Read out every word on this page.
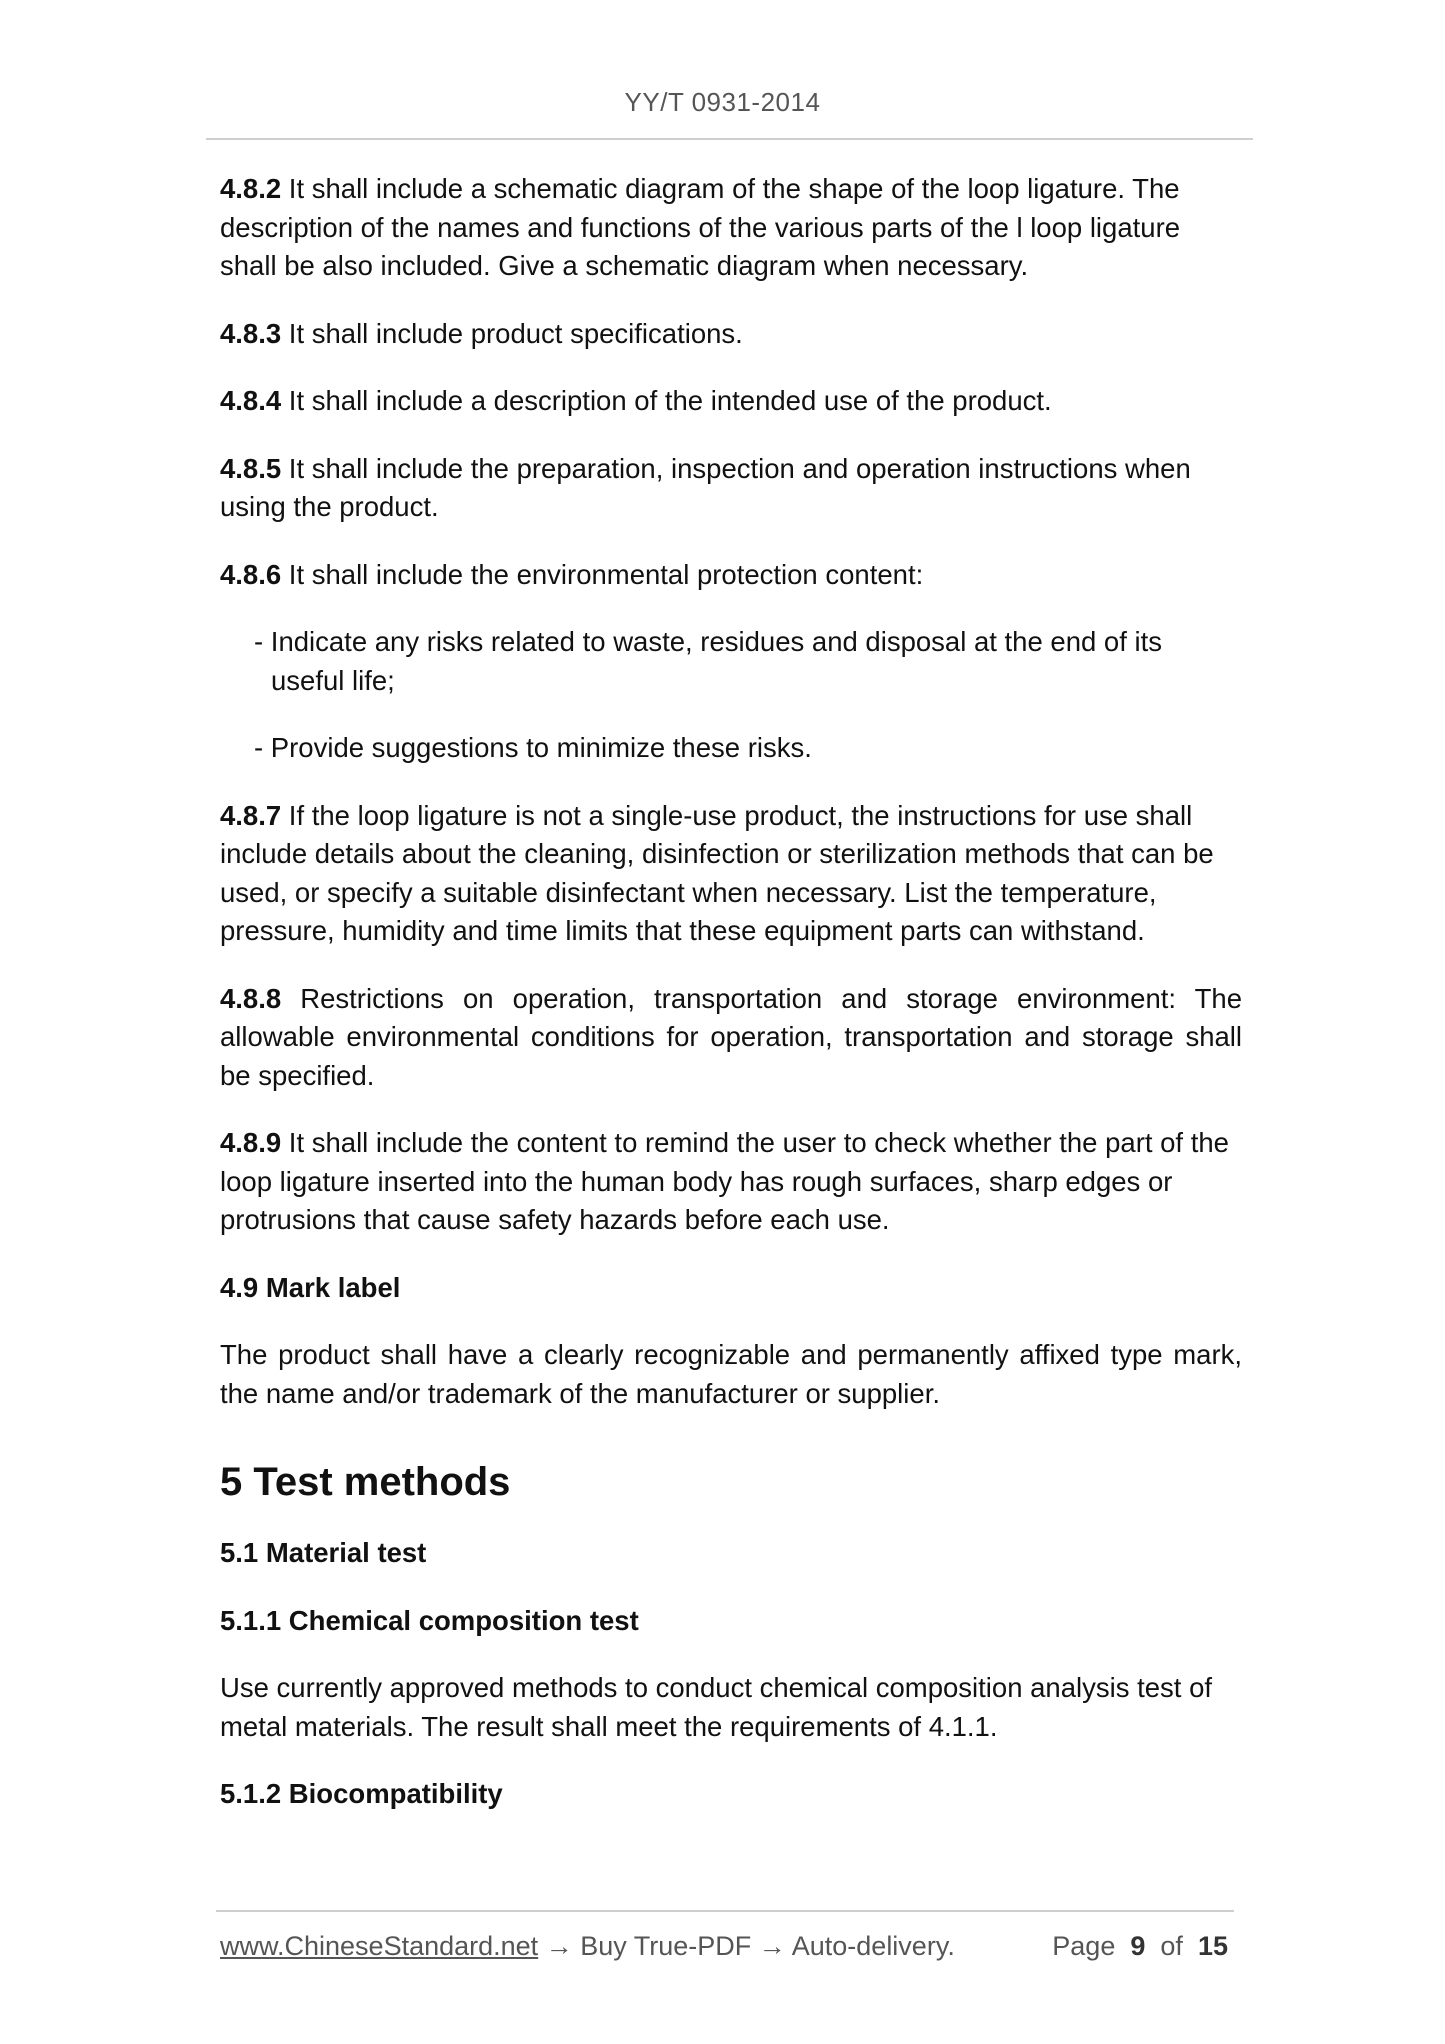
YY/T 0931-2014

4.8.2 It shall include a schematic diagram of the shape of the loop ligature. The description of the names and functions of the various parts of the l loop ligature shall be also included. Give a schematic diagram when necessary.

4.8.3 It shall include product specifications.

4.8.4 It shall include a description of the intended use of the product.

4.8.5 It shall include the preparation, inspection and operation instructions when using the product.

4.8.6 It shall include the environmental protection content:

- Indicate any risks related to waste, residues and disposal at the end of its useful life;

- Provide suggestions to minimize these risks.

4.8.7 If the loop ligature is not a single-use product, the instructions for use shall include details about the cleaning, disinfection or sterilization methods that can be used, or specify a suitable disinfectant when necessary. List the temperature, pressure, humidity and time limits that these equipment parts can withstand.

4.8.8 Restrictions on operation, transportation and storage environment: The allowable environmental conditions for operation, transportation and storage shall be specified.

4.8.9 It shall include the content to remind the user to check whether the part of the loop ligature inserted into the human body has rough surfaces, sharp edges or protrusions that cause safety hazards before each use.

4.9 Mark label

The product shall have a clearly recognizable and permanently affixed type mark, the name and/or trademark of the manufacturer or supplier.

5 Test methods

5.1 Material test

5.1.1 Chemical composition test

Use currently approved methods to conduct chemical composition analysis test of metal materials. The result shall meet the requirements of 4.1.1.

5.1.2 Biocompatibility

www.ChineseStandard.net → Buy True-PDF → Auto-delivery.	Page 9 of 15
